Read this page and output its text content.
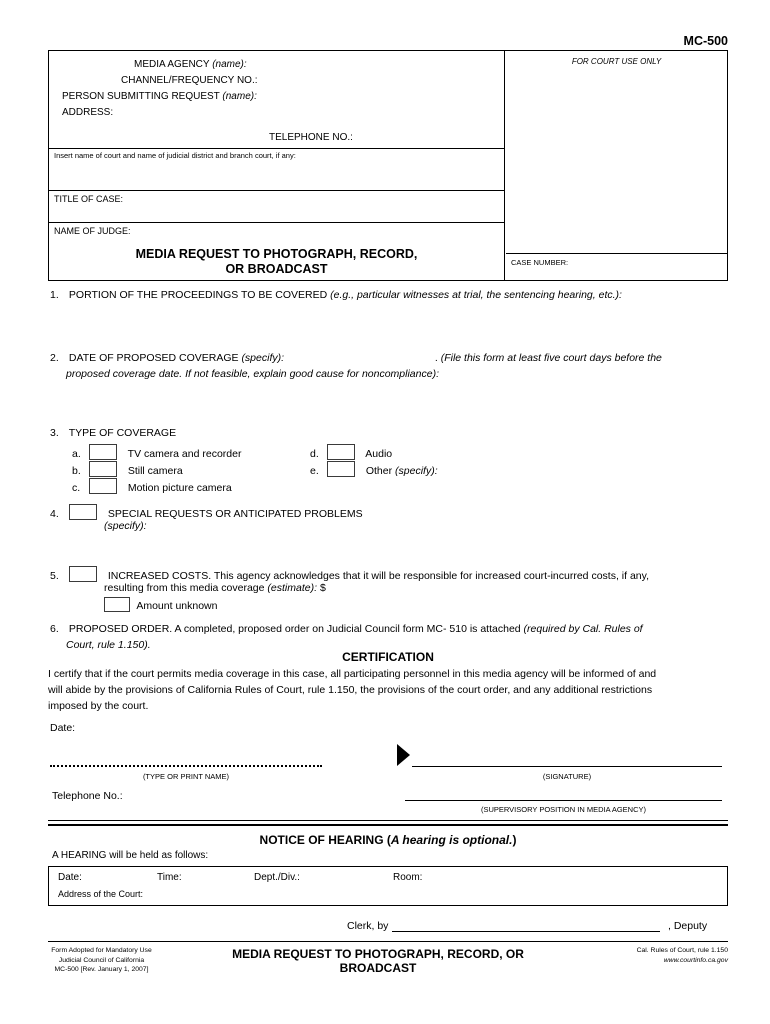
MC-500
MEDIA AGENCY (name):
CHANNEL/FREQUENCY NO.:
PERSON SUBMITTING REQUEST (name):
ADDRESS:
TELEPHONE NO.:
Insert name of court and name of judicial district and branch court, if any:
TITLE OF CASE:
NAME OF JUDGE:
MEDIA REQUEST TO PHOTOGRAPH, RECORD,
OR BROADCAST
FOR COURT USE ONLY
CASE NUMBER:
1. PORTION OF THE PROCEEDINGS TO BE COVERED (e.g., particular witnesses at trial, the sentencing hearing, etc.):
2. DATE OF PROPOSED COVERAGE (specify):	. (File this form at least five court days before the
proposed coverage date. If not feasible, explain good cause for noncompliance):
3. TYPE OF COVERAGE
a.	TV camera and recorder	d.	Audio
b.	Still camera	e.	Other (specify):
c.	Motion picture camera
4.	SPECIAL REQUESTS OR ANTICIPATED PROBLEMS
(specify):
5.	INCREASED COSTS. This agency acknowledges that it will be responsible for increased court-incurred costs, if any,
resulting from this media coverage (estimate): $
Amount unknown
6. PROPOSED ORDER. A completed, proposed order on Judicial Council form MC- 510 is attached (required by Cal. Rules of
Court, rule 1.150).
CERTIFICATION
I certify that if the court permits media coverage in this case, all participating personnel in this media agency will be informed of and
will abide by the provisions of California Rules of Court, rule 1.150, the provisions of the court order, and any additional restrictions
imposed by the court.
Date:
(TYPE OR PRINT NAME)	(SIGNATURE)
Telephone No.:
(SUPERVISORY POSITION IN MEDIA AGENCY)
NOTICE OF HEARING (A hearing is optional.)
A HEARING will be held as follows:
Date:	Time:	Dept./Div.:	Room:
Address of the Court:
Clerk, by	, Deputy
Form Adopted for Mandatory Use
Judicial Council of California
MC-500 [Rev. January 1, 2007]
MEDIA REQUEST TO PHOTOGRAPH, RECORD, OR
BROADCAST
Cal. Rules of Court, rule 1.150
www.courtinfo.ca.gov
